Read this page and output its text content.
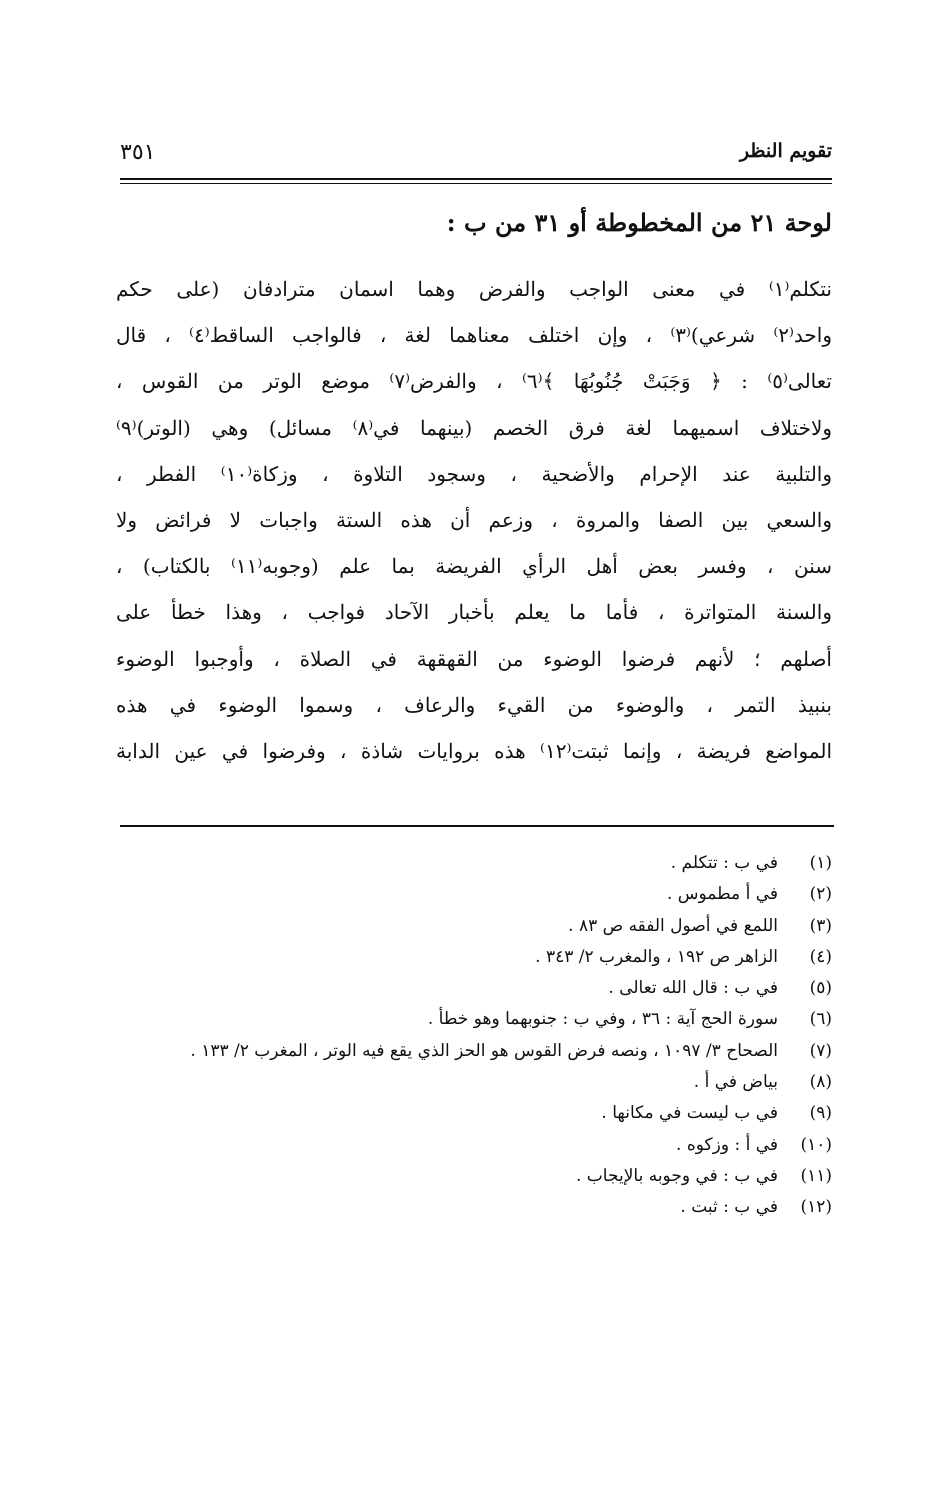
تقويم النظر
٣٥١
لوحة ٢١ من المخطوطة أو ٣١ من ب :
نتكلم⁽١⁾ في معنى الواجب والفرض وهما اسمان مترادفان (على حكم
واحد⁽٢⁾ شرعي)⁽٣⁾ ، وإن اختلف معناهما لغة ، فالواجب الساقط⁽٤⁾ ، قال
تعالى⁽٥⁾ : ﴿ وَجَبَتْ جُنُوبُهَا ﴾⁽٦⁾ ، والفرض⁽٧⁾ موضع الوتر من القوس ،
ولاختلاف اسميهما لغة فرق الخصم (بينهما في⁽٨⁾ مسائل) وهي (الوتر)⁽٩⁾
والتلبية عند الإحرام والأضحية ، وسجود التلاوة ، وزكاة⁽١٠⁾ الفطر ،
والسعي بين الصفا والمروة ، وزعم أن هذه الستة واجبات لا فرائض ولا
سنن ، وفسر بعض أهل الرأي الفريضة بما علم (وجوبه⁽١١⁾ بالكتاب) ،
والسنة المتواترة ، فأما ما يعلم بأخبار الآحاد فواجب ، وهذا خطأ على
أصلهم ؛ لأنهم فرضوا الوضوء من القهقهة في الصلاة ، وأوجبوا الوضوء
بنبيذ التمر ، والوضوء من القيء والرعاف ، وسموا الوضوء في هذه
المواضع فريضة ، وإنما ثبتت⁽١٢⁾ هذه بروايات شاذة ، وفرضوا في عين الدابة
(١)
في ب : تتكلم .
(٢)
في أ مطموس .
(٣)
اللمع في أصول الفقه ص ٨٣ .
(٤)
الزاهر ص ١٩٢ ، والمغرب ٢/ ٣٤٣ .
(٥)
في ب : قال الله تعالى .
(٦)
سورة الحج آية : ٣٦ ، وفي ب : جنوبهما وهو خطأ .
(٧)
الصحاح ٣/ ١٠٩٧ ، ونصه فرض القوس هو الحز الذي يقع فيه الوتر ، المغرب ٢/ ١٣٣ .
(٨)
بياض في أ .
(٩)
في ب ليست في مكانها .
(١٠)
في أ : وزكوه .
(١١)
في ب : في وجوبه بالإيجاب .
(١٢)
في ب : ثبت .
